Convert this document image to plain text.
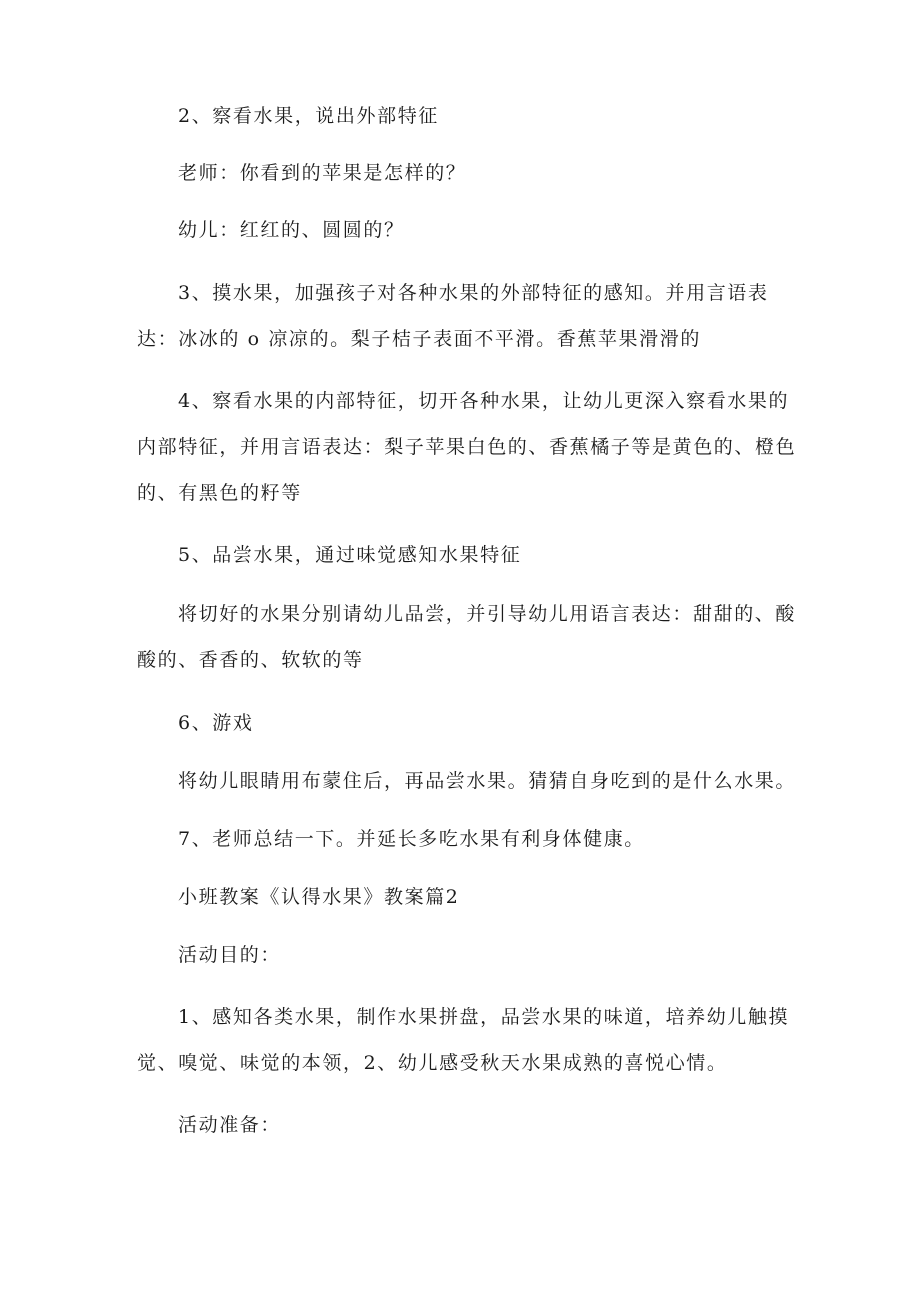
2、察看水果，说出外部特征
老师：你看到的苹果是怎样的？
幼儿：红红的、圆圆的？
3、摸水果，加强孩子对各种水果的外部特征的感知。并用言语表
达：冰冰的 o 凉凉的。梨子桔子表面不平滑。香蕉苹果滑滑的
4、察看水果的内部特征，切开各种水果，让幼儿更深入察看水果的
内部特征，并用言语表达：梨子苹果白色的、香蕉橘子等是黄色的、橙色
的、有黑色的籽等
5、品尝水果，通过味觉感知水果特征
将切好的水果分别请幼儿品尝，并引导幼儿用语言表达：甜甜的、酸
酸的、香香的、软软的等
6、游戏
将幼儿眼睛用布蒙住后，再品尝水果。猜猜自身吃到的是什么水果。
7、老师总结一下。并延长多吃水果有利身体健康。
小班教案《认得水果》教案篇2
活动目的：
1、感知各类水果，制作水果拼盘，品尝水果的味道，培养幼儿触摸
觉、嗅觉、味觉的本领，2、幼儿感受秋天水果成熟的喜悦心情。
活动准备：
